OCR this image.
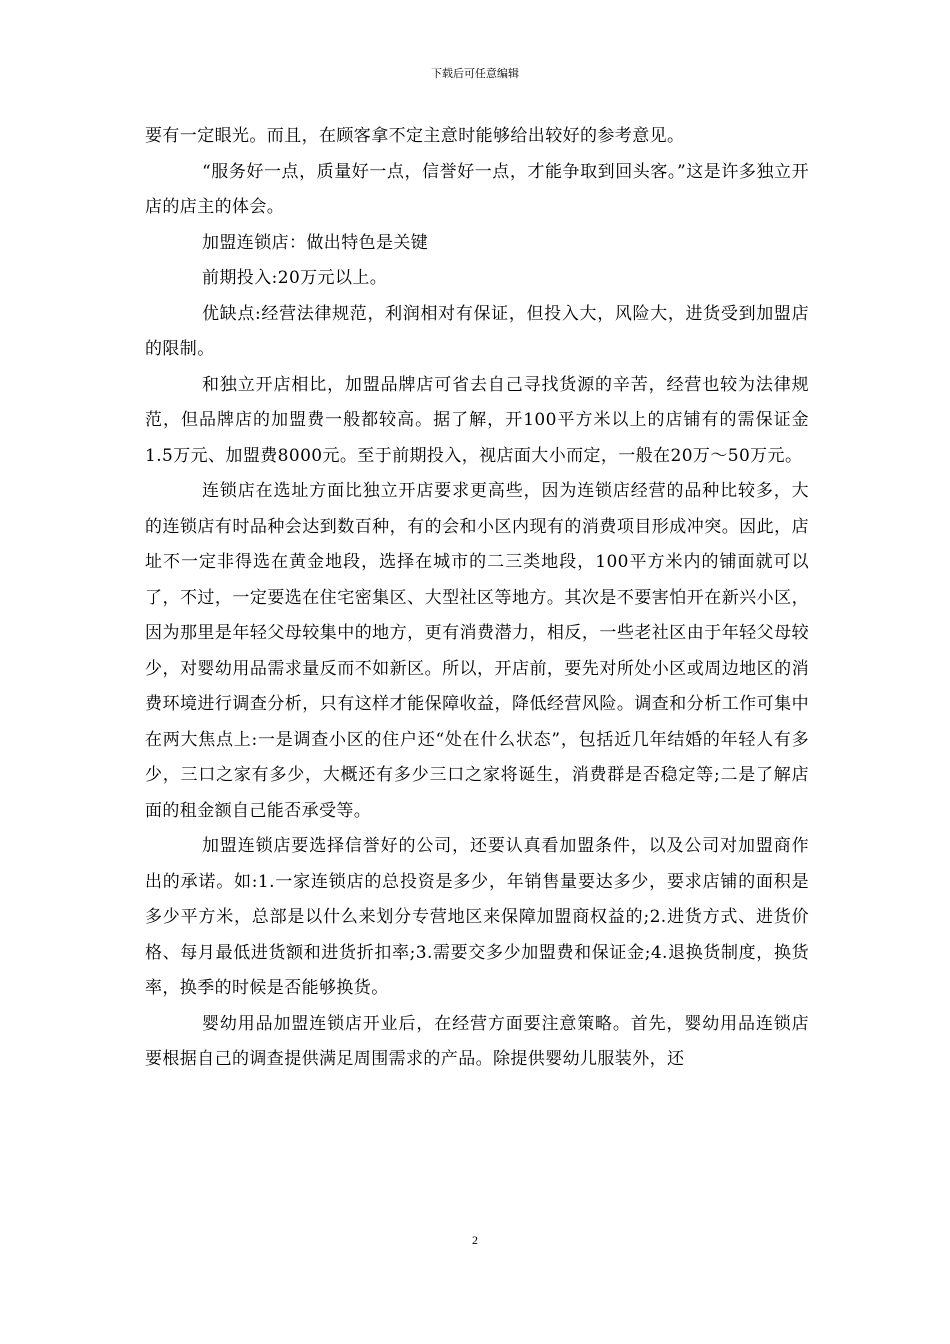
下载后可任意编辑

要有一定眼光。而且，在顾客拿不定主意时能够给出较好的参考意见。

“服务好一点，质量好一点，信誉好一点，才能争取到回头客。”这是许多独立开店的店主的体会。

加盟连锁店：做出特色是关键

前期投入:20万元以上。

优缺点:经营法律规范，利润相对有保证，但投入大，风险大，进货受到加盟店的限制。

和独立开店相比，加盟品牌店可省去自己寻找货源的辛苦，经营也较为法律规范，但品牌店的加盟费一般都较高。据了解，开100平方米以上的店铺有的需保证金1.5万元、加盟费8000元。至于前期投入，视店面大小而定，一般在20万～50万元。

连锁店在选址方面比独立开店要求更高些，因为连锁店经营的品种比较多，大的连锁店有时品种会达到数百种，有的会和小区内现有的消费项目形成冲突。因此，店址不一定非得选在黄金地段，选择在城市的二三类地段，100平方米内的铺面就可以了，不过，一定要选在住宅密集区、大型社区等地方。其次是不要害怕开在新兴小区，因为那里是年轻父母较集中的地方，更有消费潜力，相反，一些老社区由于年轻父母较少，对婴幼用品需求量反而不如新区。所以，开店前，要先对所处小区或周边地区的消费环境进行调查分析，只有这样才能保障收益，降低经营风险。调查和分析工作可集中在两大焦点上:一是调查小区的住户还“处在什么状态”，包括近几年结婚的年轻人有多少，三口之家有多少，大概还有多少三口之家将诞生，消费群是否稳定等;二是了解店面的租金额自己能否承受等。

加盟连锁店要选择信誉好的公司，还要认真看加盟条件，以及公司对加盟商作出的承诺。如:1.一家连锁店的总投资是多少，年销售量要达多少，要求店铺的面积是多少平方米，总部是以什么来划分专营地区来保障加盟商权益的;2.进货方式、进货价格、每月最低进货额和进货折扣率;3.需要交多少加盟费和保证金;4.退换货制度，换货率，换季的时候是否能够换货。

婴幼用品加盟连锁店开业后，在经营方面要注意策略。首先，婴幼用品连锁店要根据自己的调查提供满足周围需求的产品。除提供婴幼儿服装外，还

2
